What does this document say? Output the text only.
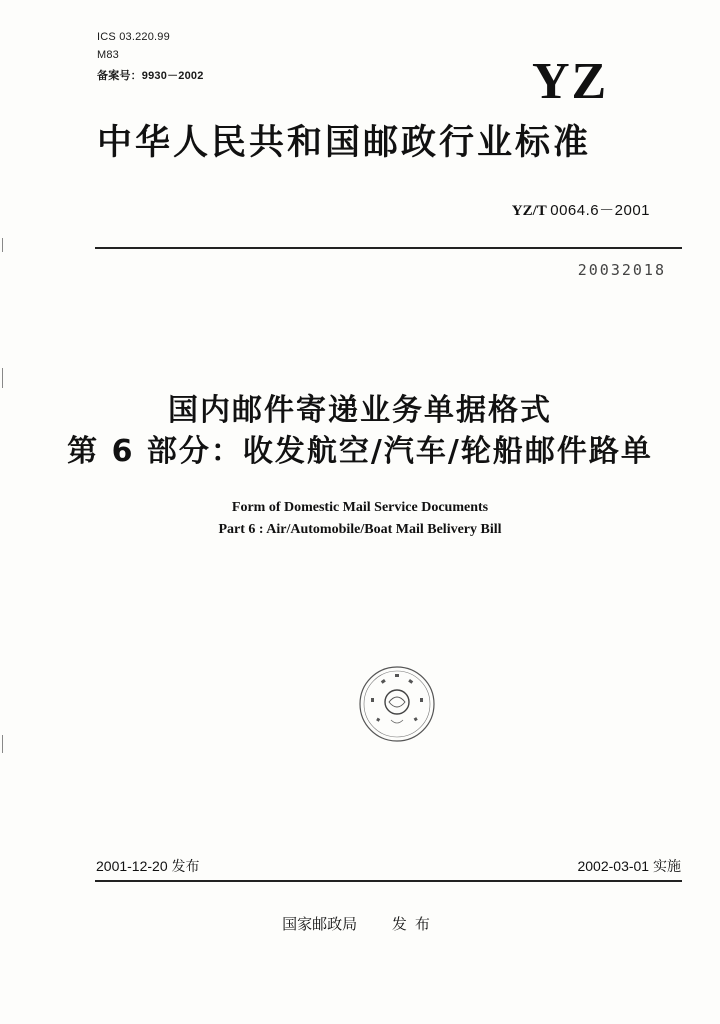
ICS 03.220.99
M83
备案号：9930－2002	YZ
中华人民共和国邮政行业标准
YZ/T 0064.6－2001
20032018
国内邮件寄递业务单据格式
第 6 部分：收发航空/汽车/轮船邮件路单
Form of Domestic Mail Service Documents
Part 6 : Air/Automobile/Boat Mail Belivery Bill
2001-12-20 发布	2002-03-01 实施
国家邮政局 发布
